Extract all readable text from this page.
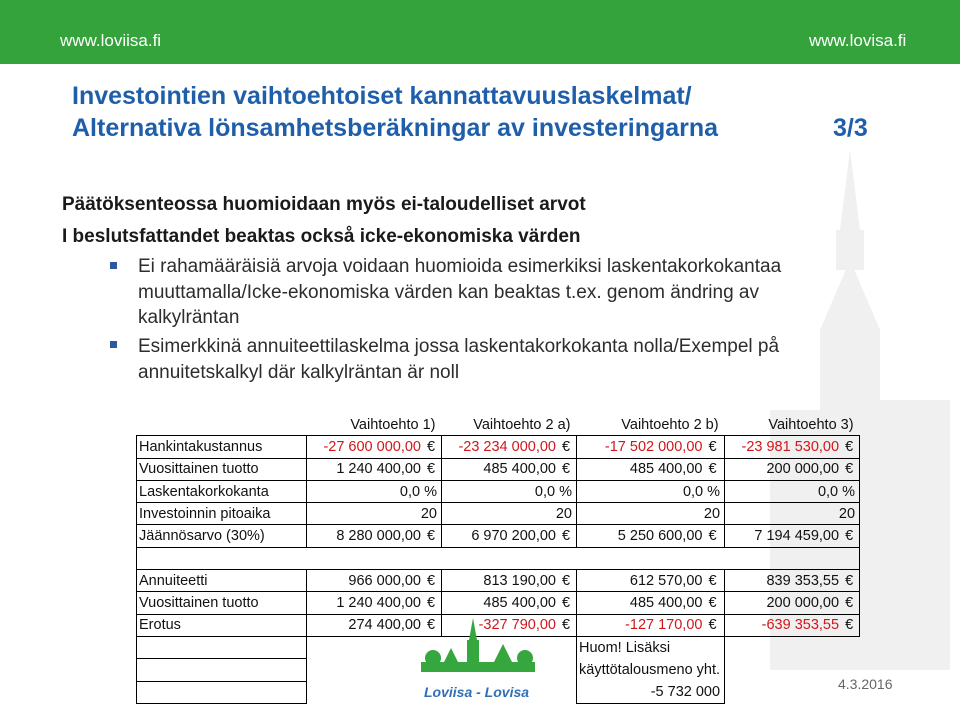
www.loviisa.fi	www.lovisa.fi
Investointien vaihtoehtoiset kannattavuuslaskelmat/
Alternativa lönsamhetsberäkningar av investeringarna	3/3
Päätöksenteossa huomioidaan myös ei-taloudelliset arvot
I beslutsfattandet beaktas också icke-ekonomiska värden
Ei rahamääräisiä arvoja voidaan huomioida esimerkiksi laskentakorkokantaa
muuttamalla/Icke-ekonomiska värden kan beaktas t.ex. genom ändring av
kalkylräntan
Esimerkkinä annuiteettilaskelma jossa laskentakorkokanta nolla/Exempel på
annuitetskalkyl där kalkylräntan är noll
	Vaihtoehto 1)		Vaihtoehto 2 a)		Vaihtoehto 2 b)		Vaihtoehto 3)	
Hankintakustannus	-27 600 000,00	€	-23 234 000,00	€	-17 502 000,00	€	-23 981 530,00	€
Vuosittainen tuotto	1 240 400,00	€	485 400,00	€	485 400,00	€	200 000,00	€
Laskentakorkokanta	0,0 %		0,0 %		0,0 %		0,0 %	
Investoinnin pitoaika	20		20		20		20	
Jäännösarvo (30%)	8 280 000,00	€	6 970 200,00	€	5 250 600,00	€	7 194 459,00	€

Annuiteetti	966 000,00	€	813 190,00	€	612 570,00	€	839 353,55	€
Vuosittainen tuotto	1 240 400,00	€	485 400,00	€	485 400,00	€	200 000,00	€
Erotus	274 400,00	€	-327 790,00	€	-127 170,00	€	-639 353,55	€
					Huom! Lisäksi			
					käyttötalousmeno yht.			
					-5 732 000			
Loviisa - Lovisa	4.3.2016
